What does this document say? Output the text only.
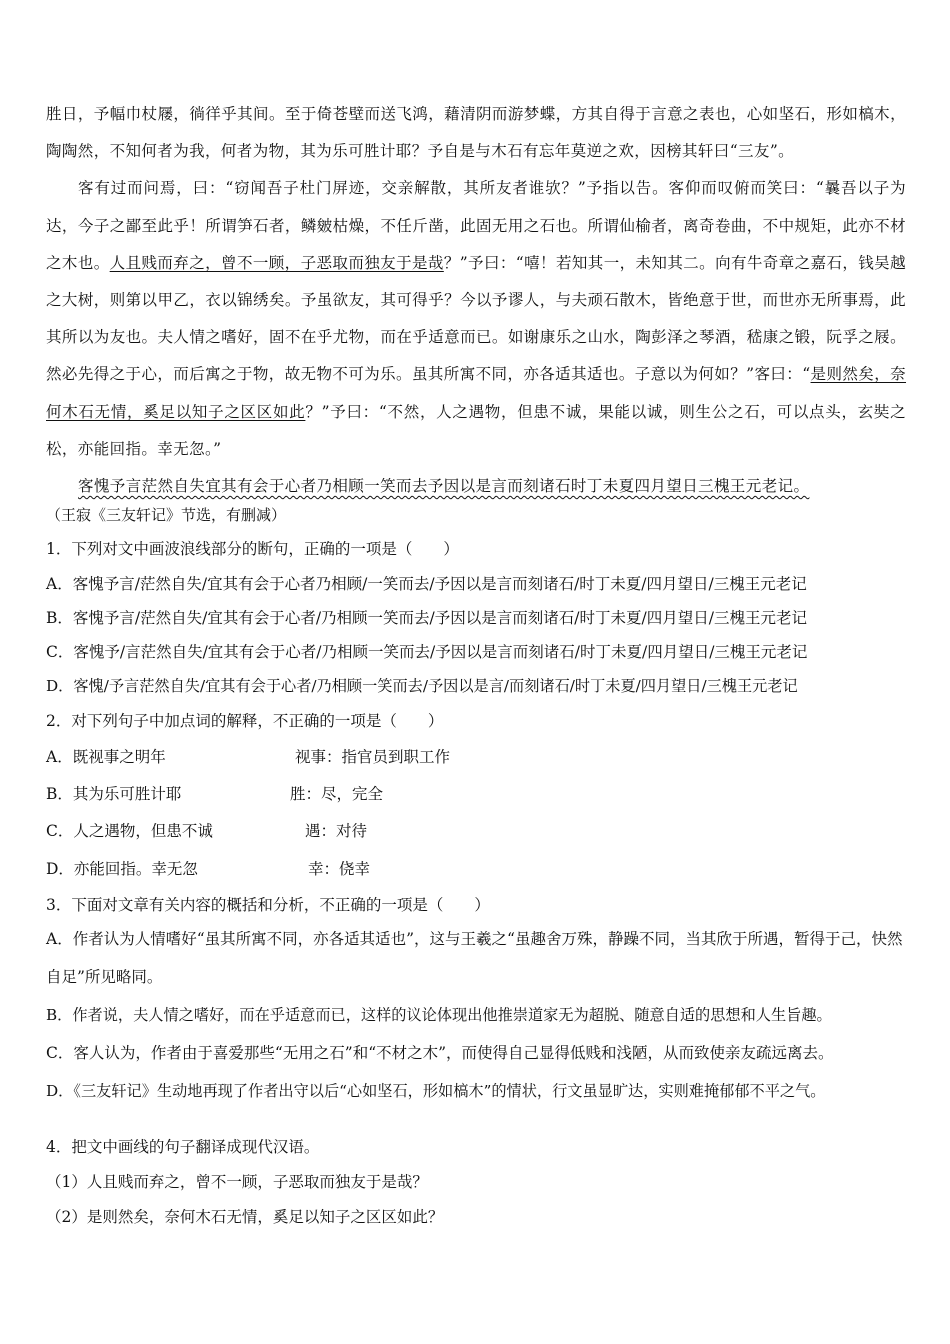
胜日，予幅巾杖屦，徜徉乎其间。至于倚苍壁而送飞鸿，藉清阴而游梦蝶，方其自得于言意之表也，心如坚石，形如槁木，陶陶然，不知何者为我，何者为物，其为乐可胜计耶？予自是与木石有忘年莫逆之欢，因榜其轩曰“三友”。

客有过而问焉，曰：“窃闻吾子杜门屏迹，交亲解散，其所友者谁欤？”予指以告。客仰而叹俯而笑曰：“曩吾以子为达，今子之鄙至此乎！所谓笋石者，鳞皴枯燥，不任斤凿，此固无用之石也。所谓仙榆者，离奇卷曲，不中规矩，此亦不材之木也。人且贱而弃之，曾不一顾，子恶取而独友于是哉？”予曰：“嘻！若知其一，未知其二。向有牛奇章之嘉石，钱吴越之大树，则第以甲乙，衣以锦绣矣。予虽欲友，其可得乎？今以予谬人，与夫顽石散木，皆绝意于世，而世亦无所事焉，此其所以为友也。夫人情之嗜好，固不在乎尤物，而在乎适意而已。如谢康乐之山水，陶彭泽之琴酒，嵇康之锻，阮孚之屐。然必先得之于心，而后寓之于物，故无物不可为乐。虽其所寓不同，亦各适其适也。子意以为何如？”客曰：“是则然矣，奈何木石无情，奚足以知子之区区如此？”予曰：“不然，人之遇物，但患不诚，果能以诚，则生公之石，可以点头，玄奘之松，亦能回指。幸无忽。”

客愧予言茫然自失宜其有会于心者乃相顾一笑而去予因以是言而刻诸石时丁未夏四月望日三槐王元老记。

（王寂《三友轩记》节选，有删减）
1．下列对文中画波浪线部分的断句，正确的一项是（　　）
A．客愧予言/茫然自失/宜其有会于心者乃相顾/一笑而去/予因以是言而刻诸石/时丁未夏/四月望日/三槐王元老记
B．客愧予言/茫然自失/宜其有会于心者/乃相顾一笑而去/予因以是言而刻诸石/时丁未夏/四月望日/三槐王元老记
C．客愧予/言茫然自失/宜其有会于心者/乃相顾一笑而去/予因以是言而刻诸石/时丁未夏/四月望日/三槐王元老记
D．客愧/予言茫然自失/宜其有会于心者/乃相顾一笑而去/予因以是言/而刻诸石/时丁未夏/四月望日/三槐王元老记
2．对下列句子中加点词的解释，不正确的一项是（　　）
A．既视事之明年	视事：指官员到职工作
B．其为乐可胜计耶	胜：尽，完全
C．人之遇物，但患不诚	遇：对待
D．亦能回指。幸无忽	幸：侥幸
3．下面对文章有关内容的概括和分析，不正确的一项是（　　）

A．作者认为人情嗜好“虽其所寓不同，亦各适其适也”，这与王羲之“虽趣舍万殊，静躁不同，当其欣于所遇，暂得于己，快然自足”所见略同。

B．作者说，夫人情之嗜好，而在乎适意而已，这样的议论体现出他推崇道家无为超脱、随意自适的思想和人生旨趣。

C．客人认为，作者由于喜爱那些“无用之石”和“不材之木”，而使得自己显得低贱和浅陋，从而致使亲友疏远离去。

D．《三友轩记》生动地再现了作者出守以后“心如坚石，形如槁木”的情状，行文虽显旷达，实则难掩郁郁不平之气。

4．把文中画线的句子翻译成现代汉语。
（1）人且贱而弃之，曾不一顾，子恶取而独友于是哉？
（2）是则然矣，奈何木石无情，奚足以知子之区区如此？
